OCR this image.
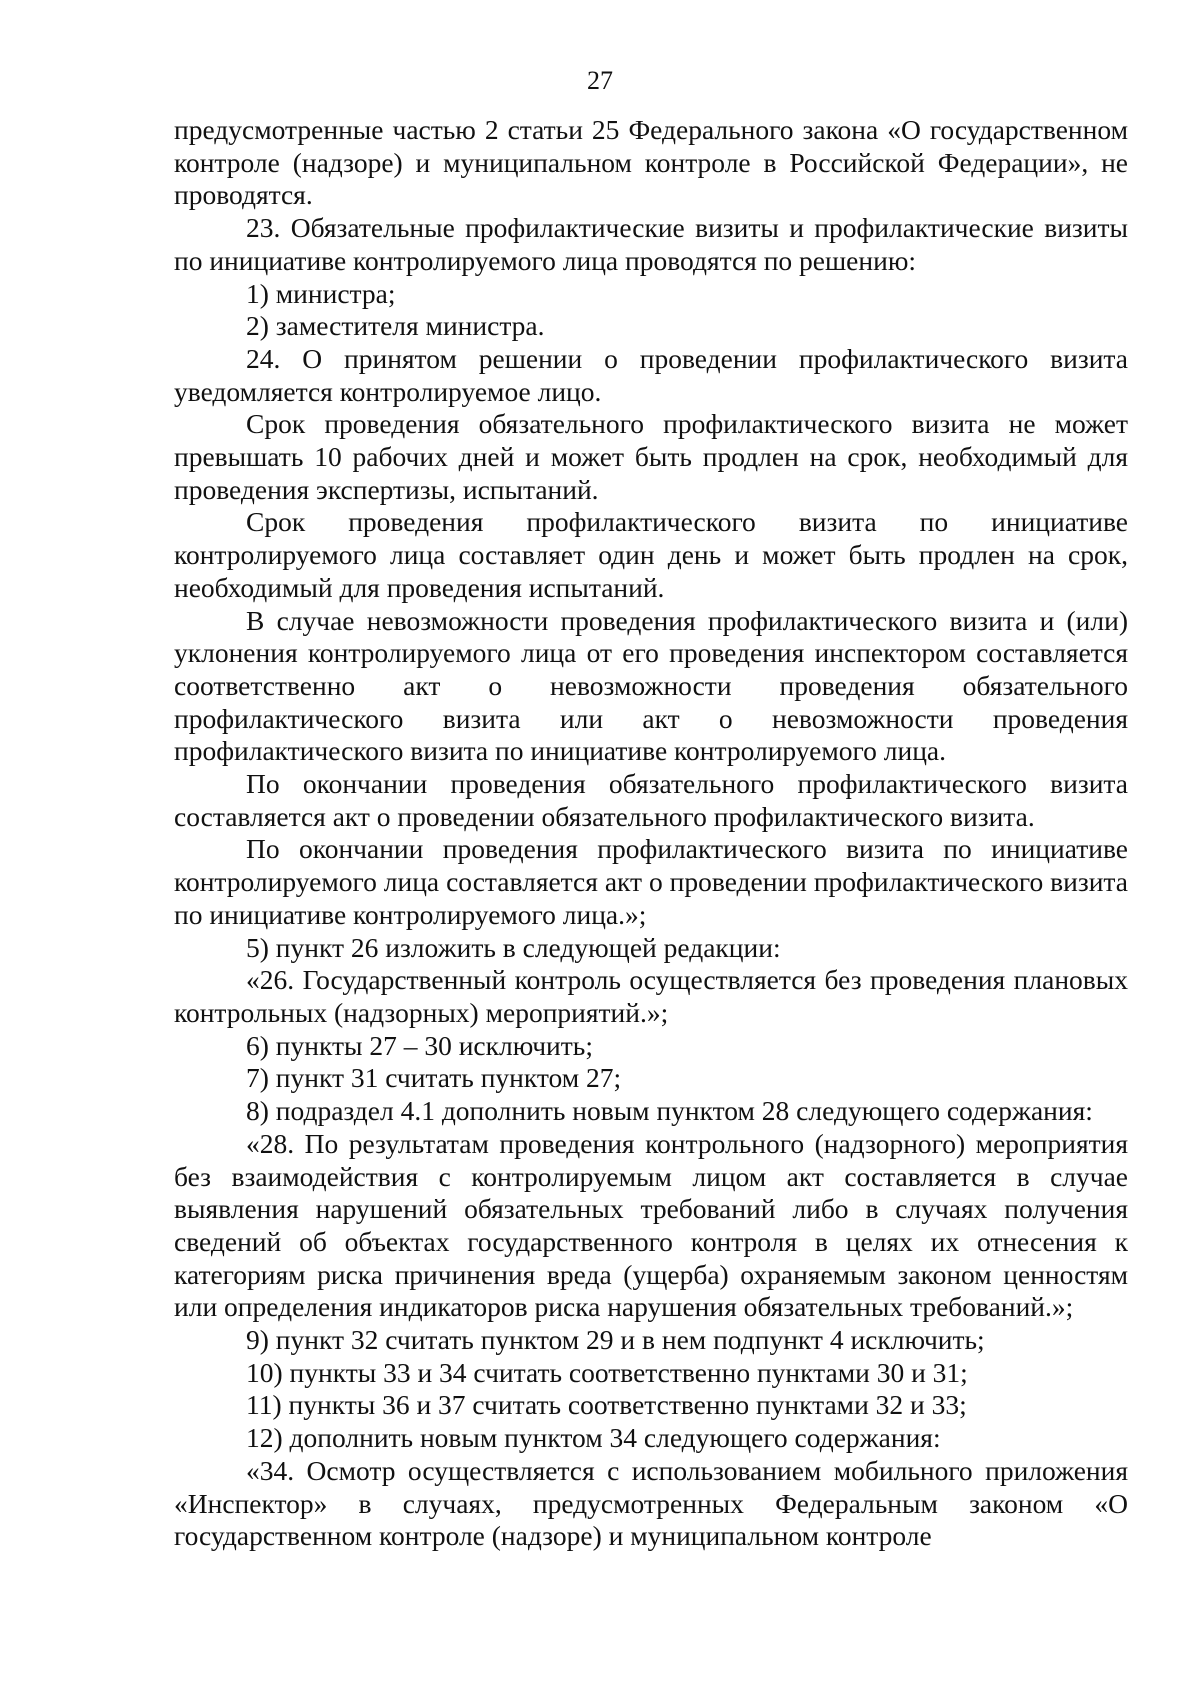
27

предусмотренные частью 2 статьи 25 Федерального закона «О государственном контроле (надзоре) и муниципальном контроле в Российской Федерации», не проводятся.

23. Обязательные профилактические визиты и профилактические визиты по инициативе контролируемого лица проводятся по решению:

1) министра;

2) заместителя министра.

24. О принятом решении о проведении профилактического визита уведомляется контролируемое лицо.

Срок проведения обязательного профилактического визита не может превышать 10 рабочих дней и может быть продлен на срок, необходимый для проведения экспертизы, испытаний.

Срок проведения профилактического визита по инициативе контролируемого лица составляет один день и может быть продлен на срок, необходимый для проведения испытаний.

В случае невозможности проведения профилактического визита и (или) уклонения контролируемого лица от его проведения инспектором составляется соответственно акт о невозможности проведения обязательного профилактического визита или акт о невозможности проведения профилактического визита по инициативе контролируемого лица.

По окончании проведения обязательного профилактического визита составляется акт о проведении обязательного профилактического визита.

По окончании проведения профилактического визита по инициативе контролируемого лица составляется акт о проведении профилактического визита по инициативе контролируемого лица.»;

5) пункт 26 изложить в следующей редакции:

«26. Государственный контроль осуществляется без проведения плановых контрольных (надзорных) мероприятий.»;

6) пункты 27 – 30 исключить;

7) пункт 31 считать пунктом 27;

8) подраздел 4.1 дополнить новым пунктом 28 следующего содержания:

«28. По результатам проведения контрольного (надзорного) мероприятия без взаимодействия с контролируемым лицом акт составляется в случае выявления нарушений обязательных требований либо в случаях получения сведений об объектах государственного контроля в целях их отнесения к категориям риска причинения вреда (ущерба) охраняемым законом ценностям или определения индикаторов риска нарушения обязательных требований.»;

9) пункт 32 считать пунктом 29 и в нем подпункт 4 исключить;

10) пункты 33 и 34 считать соответственно пунктами 30 и 31;

11) пункты 36 и 37 считать соответственно пунктами 32 и 33;

12) дополнить новым пунктом 34 следующего содержания:

«34. Осмотр осуществляется с использованием мобильного приложения «Инспектор» в случаях, предусмотренных Федеральным законом «О государственном контроле (надзоре) и муниципальном контроле
